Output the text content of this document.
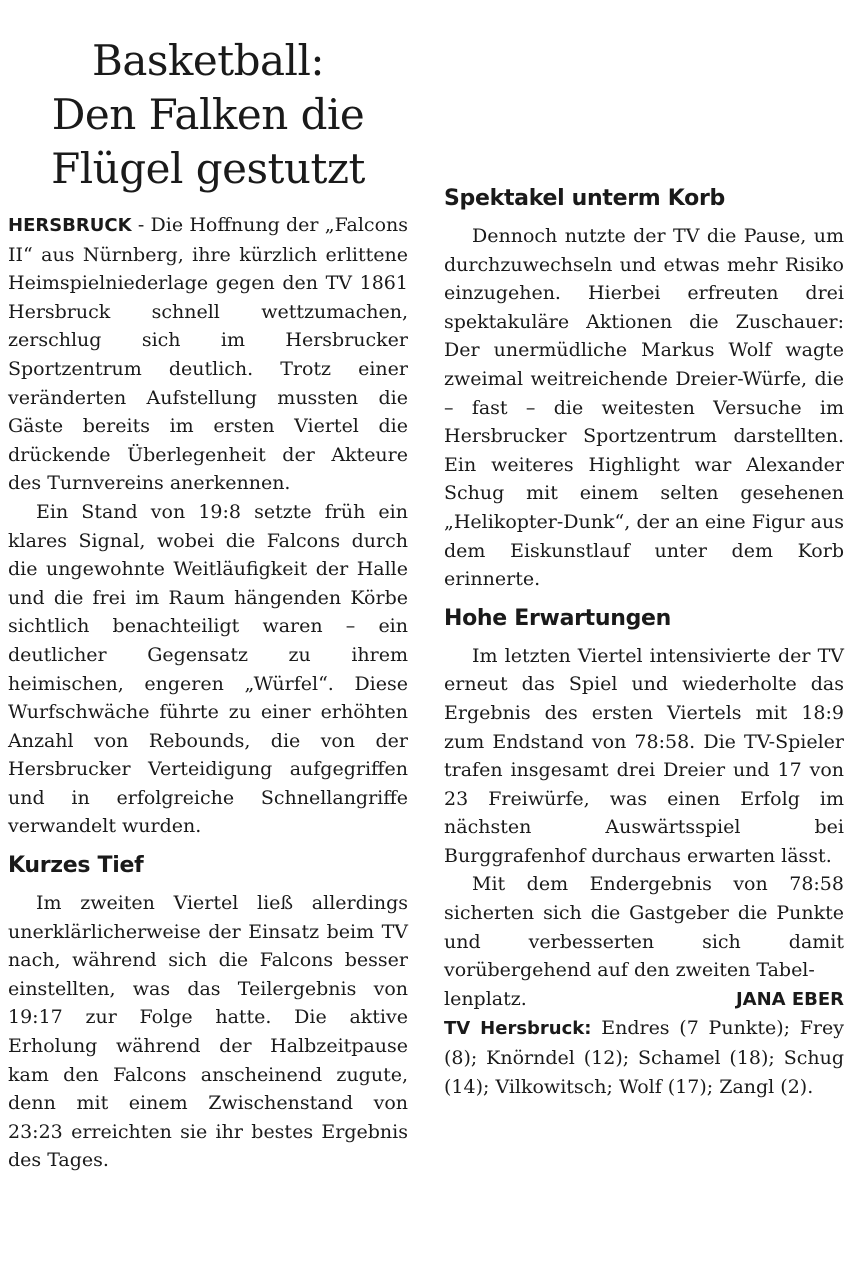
Basketball:
Den Falken die
Flügel gestutzt

HERSBRUCK - Die Hoffnung der „Falcons II“ aus Nürnberg, ihre kürzlich erlittene Heimspielniederlage gegen den TV 1861 Hersbruck schnell wettzumachen, zerschlug sich im Hersbrucker Sportzentrum deutlich. Trotz einer veränderten Aufstellung mussten die Gäste bereits im ersten Viertel die drückende Überlegenheit der Akteure des Turnvereins anerkennen.

Ein Stand von 19:8 setzte früh ein klares Signal, wobei die Falcons durch die ungewohnte Weitläufigkeit der Halle und die frei im Raum hängenden Körbe sichtlich benachteiligt waren – ein deutlicher Gegensatz zu ihrem heimischen, engeren „Würfel“. Diese Wurfschwäche führte zu einer erhöhten Anzahl von Rebounds, die von der Hersbrucker Verteidigung aufgegriffen und in erfolgreiche Schnellangriffe verwandelt wurden.

Kurzes Tief

Im zweiten Viertel ließ allerdings unerklärlicherweise der Einsatz beim TV nach, während sich die Falcons besser einstellten, was das Teilergebnis von 19:17 zur Folge hatte. Die aktive Erholung während der Halbzeitpause kam den Falcons anscheinend zugute, denn mit einem Zwischenstand von 23:23 erreichten sie ihr bestes Ergebnis des Tages.

Spektakel unterm Korb

Dennoch nutzte der TV die Pause, um durchzuwechseln und etwas mehr Risiko einzugehen. Hierbei erfreuten drei spektakuläre Aktionen die Zuschauer: Der unermüdliche Markus Wolf wagte zweimal weitreichende Dreier-Würfe, die – fast – die weitesten Versuche im Hersbrucker Sportzentrum darstellten. Ein weiteres Highlight war Alexander Schug mit einem selten gesehenen „Helikopter-Dunk“, der an eine Figur aus dem Eiskunstlauf unter dem Korb erinnerte.

Hohe Erwartungen

Im letzten Viertel intensivierte der TV erneut das Spiel und wiederholte das Ergebnis des ersten Viertels mit 18:9 zum Endstand von 78:58. Die TV-Spieler trafen insgesamt drei Dreier und 17 von 23 Freiwürfe, was einen Erfolg im nächsten Auswärtsspiel bei Burggrafenhof durchaus erwarten lässt.

Mit dem Endergebnis von 78:58 sicherten sich die Gastgeber die Punkte und verbesserten sich damit vorübergehend auf den zweiten Tabel-

lenplatz.	JANA EBER

TV Hersbruck: Endres (7 Punkte); Frey (8); Knörndel (12); Schamel (18); Schug (14); Vilkowitsch; Wolf (17); Zangl (2).
